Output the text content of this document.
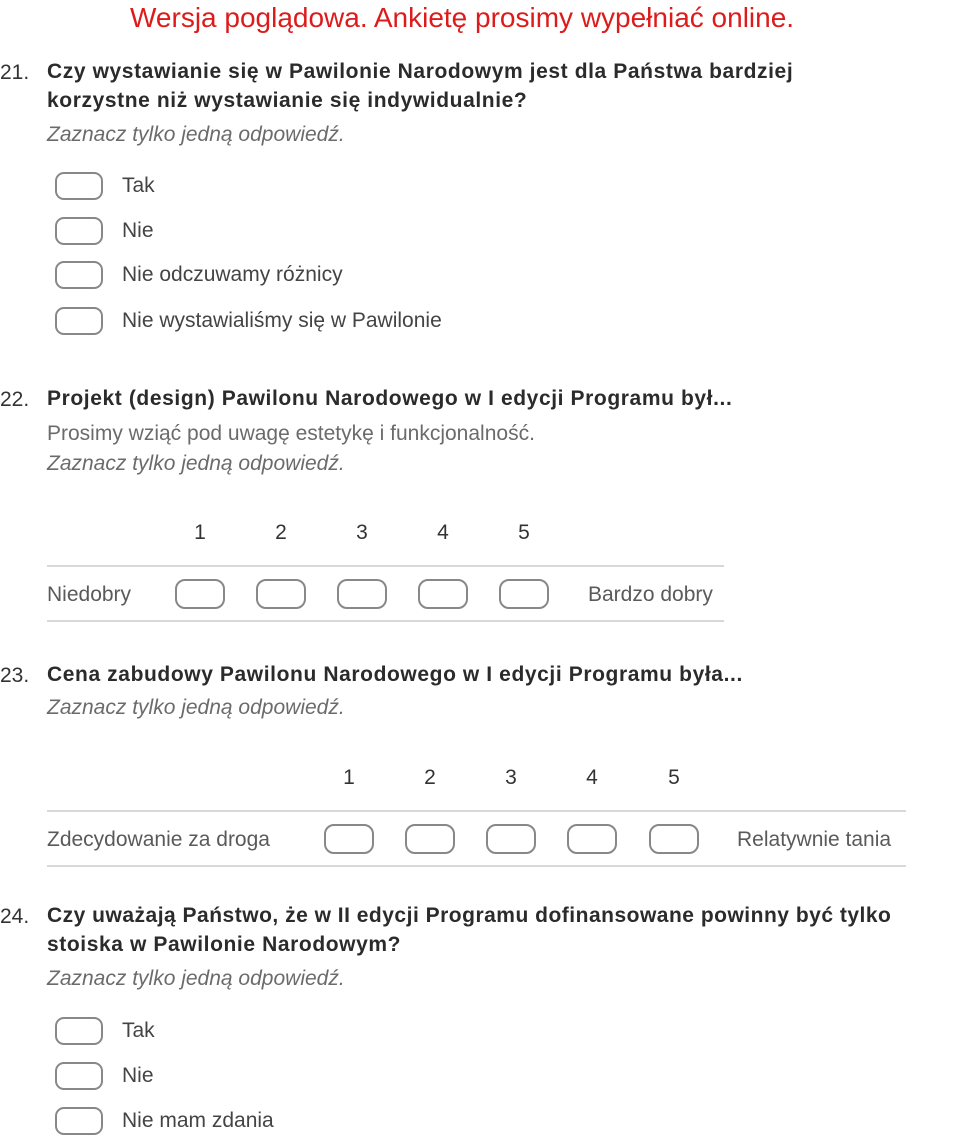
Wersja poglądowa. Ankietę prosimy wypełniać online.
21. Czy wystawianie się w Pawilonie Narodowym jest dla Państwa bardziej
korzystne niż wystawianie się indywidualnie?
Zaznacz tylko jedną odpowiedź.
Tak
Nie
Nie odczuwamy różnicy
Nie wystawialiśmy się w Pawilonie
22. Projekt (design) Pawilonu Narodowego w I edycji Programu był...
Prosimy wziąć pod uwagę estetykę i funkcjonalność.
Zaznacz tylko jedną odpowiedź.
1	2	3	4	5
Niedobry	Bardzo dobry
23. Cena zabudowy Pawilonu Narodowego w I edycji Programu była...
Zaznacz tylko jedną odpowiedź.
1	2	3	4	5
Zdecydowanie za droga	Relatywnie tania
24. Czy uważają Państwo, że w II edycji Programu dofinansowane powinny być tylko
stoiska w Pawilonie Narodowym?
Zaznacz tylko jedną odpowiedź.
Tak
Nie
Nie mam zdania
